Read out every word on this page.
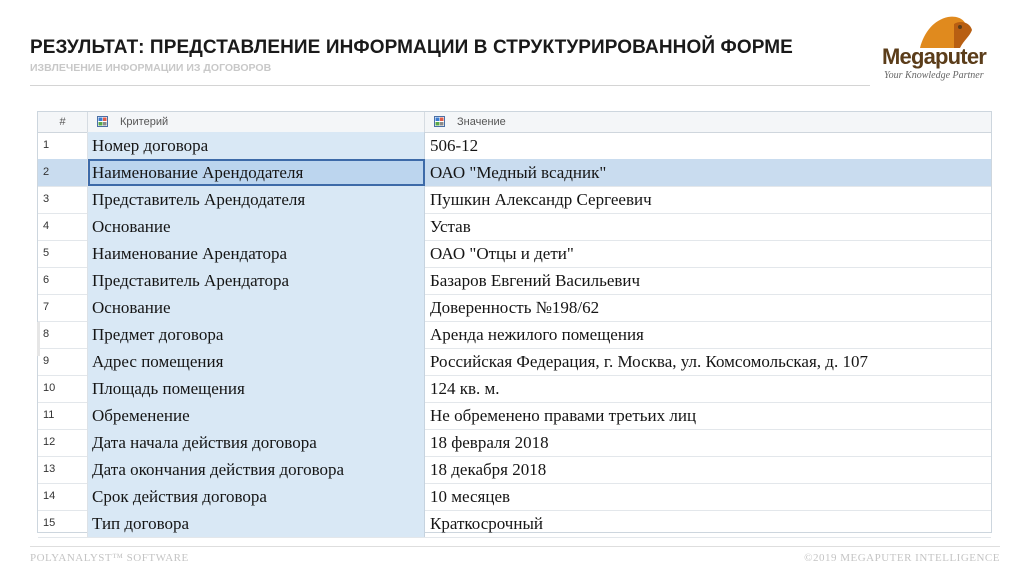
РЕЗУЛЬТАТ: ПРЕДСТАВЛЕНИЕ ИНФОРМАЦИИ В СТРУКТУРИРОВАННОЙ ФОРМЕ
ИЗВЛЕЧЕНИЕ ИНФОРМАЦИИ ИЗ ДОГОВОРОВ	Megaputer
Your Knowledge Partner
#	Критерий	Значение
1	Номер договора	506-12
2	Наименование Арендодателя	ОАО "Медный всадник"
3	Представитель Арендодателя	Пушкин Александр Сергеевич
4	Основание	Устав
5	Наименование Арендатора	ОАО "Отцы и дети"
6	Представитель Арендатора	Базаров Евгений Васильевич
7	Основание	Доверенность №198/62
8	Предмет договора	Аренда нежилого помещения
9	Адрес помещения	Российская Федерация, г. Москва, ул. Комсомольская, д. 107
10	Площадь помещения	124 кв. м.
11	Обременение	Не обременено правами третьих лиц
12	Дата начала действия договора	18 февраля 2018
13	Дата окончания действия договора	18 декабря 2018
14	Срок действия договора	10 месяцев
15	Тип договора	Краткосрочный
POLYANALYST™ SOFTWARE	©2019 MEGAPUTER INTELLIGENCE
